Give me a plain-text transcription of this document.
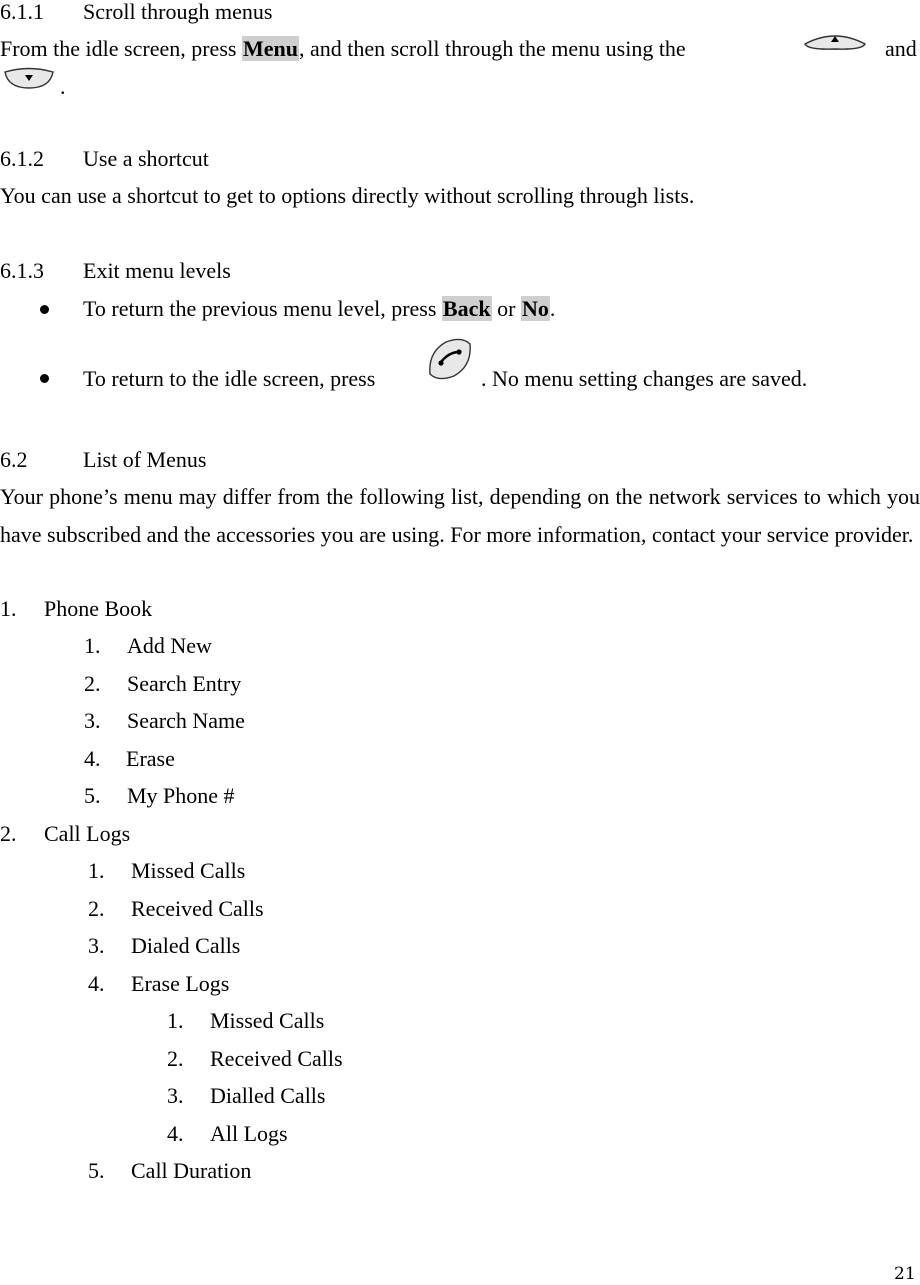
6.1.1 Scroll through menus
From the idle screen, press Menu, and then scroll through the menu using the	and
.
6.1.2 Use a shortcut
You can use a shortcut to get to options directly without scrolling through lists.
6.1.3 Exit menu levels
To return the previous menu level, press Back or No.
To return to the idle screen, press	. No menu setting changes are saved.
6.2	List of Menus
Your phone’s menu may differ from the following list, depending on the network services to which you have subscribed and the accessories you are using. For more information, contact your service provider.
1. Phone Book
1. Add New
2. Search Entry
3. Search Name
4. Erase
5. My Phone #
2. Call Logs
1. Missed Calls
2. Received Calls
3. Dialed Calls
4. Erase Logs
1. Missed Calls
2. Received Calls
3. Dialled Calls
4. All Logs
5. Call Duration
21
